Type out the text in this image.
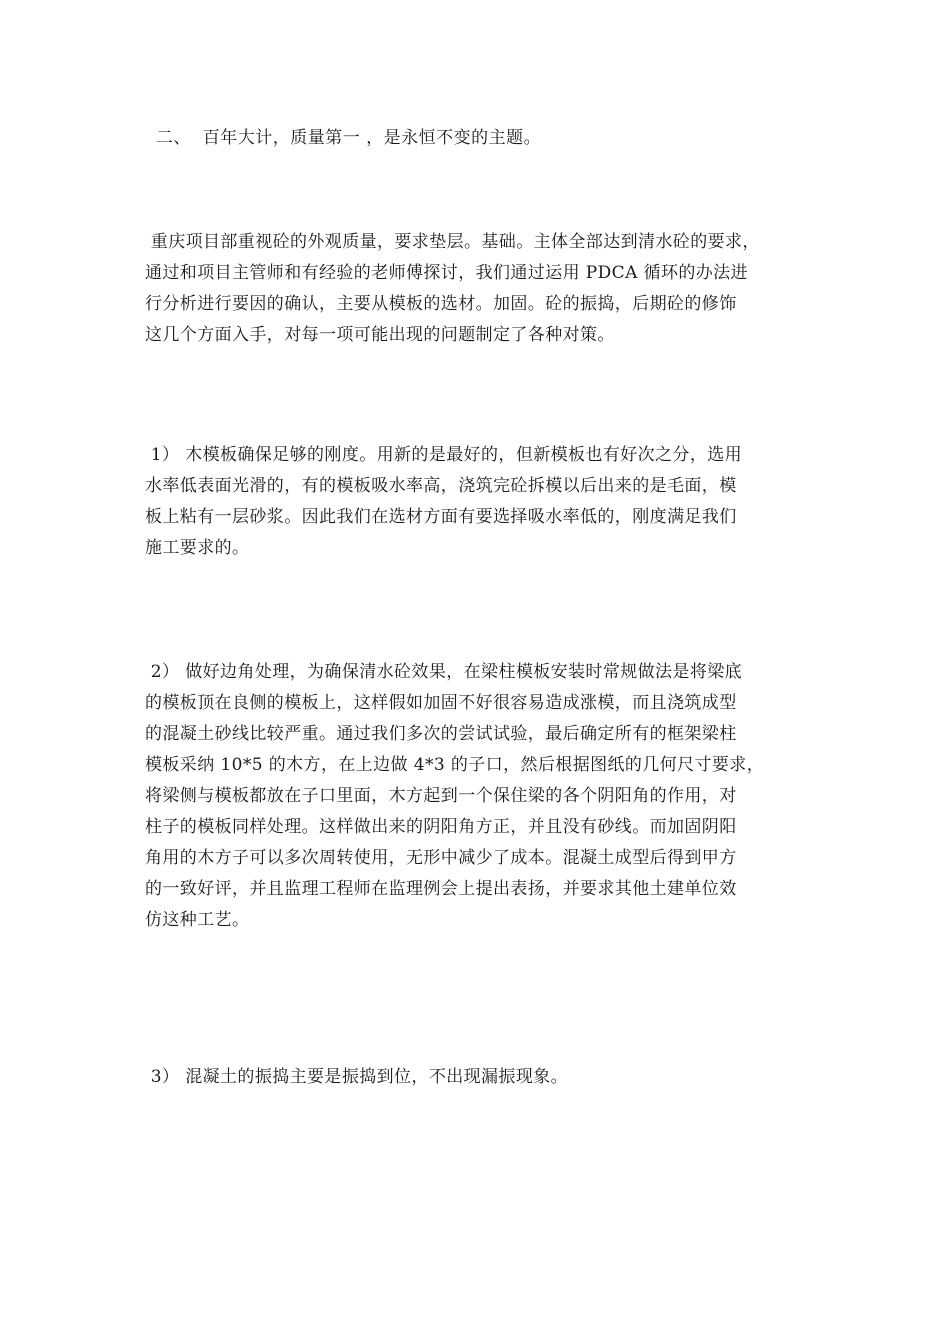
二、  百年大计，质量第一 ，是永恒不变的主题。
重庆项目部重视砼的外观质量，要求垫层。基础。主体全部达到清水砼的要求，
通过和项目主管师和有经验的老师傅探讨，我们通过运用 PDCA 循环的办法进
行分析进行要因的确认，主要从模板的选材。加固。砼的振捣，后期砼的修饰
这几个方面入手，对每一项可能出现的问题制定了各种对策。
1） 木模板确保足够的刚度。用新的是最好的，但新模板也有好次之分，选用
水率低表面光滑的，有的模板吸水率高，浇筑完砼拆模以后出来的是毛面，模
板上粘有一层砂浆。因此我们在选材方面有要选择吸水率低的，刚度满足我们
施工要求的。
2） 做好边角处理，为确保清水砼效果，在梁柱模板安装时常规做法是将梁底
的模板顶在良侧的模板上，这样假如加固不好很容易造成涨模，而且浇筑成型
的混凝土砂线比较严重。通过我们多次的尝试试验，最后确定所有的框架梁柱
模板采纳 10*5 的木方，在上边做 4*3 的子口，然后根据图纸的几何尺寸要求，
将梁侧与模板都放在子口里面，木方起到一个保住梁的各个阴阳角的作用，对
柱子的模板同样处理。这样做出来的阴阳角方正，并且没有砂线。而加固阴阳
角用的木方子可以多次周转使用，无形中减少了成本。混凝土成型后得到甲方
的一致好评，并且监理工程师在监理例会上提出表扬，并要求其他土建单位效
仿这种工艺。
3） 混凝土的振捣主要是振捣到位，不出现漏振现象。
